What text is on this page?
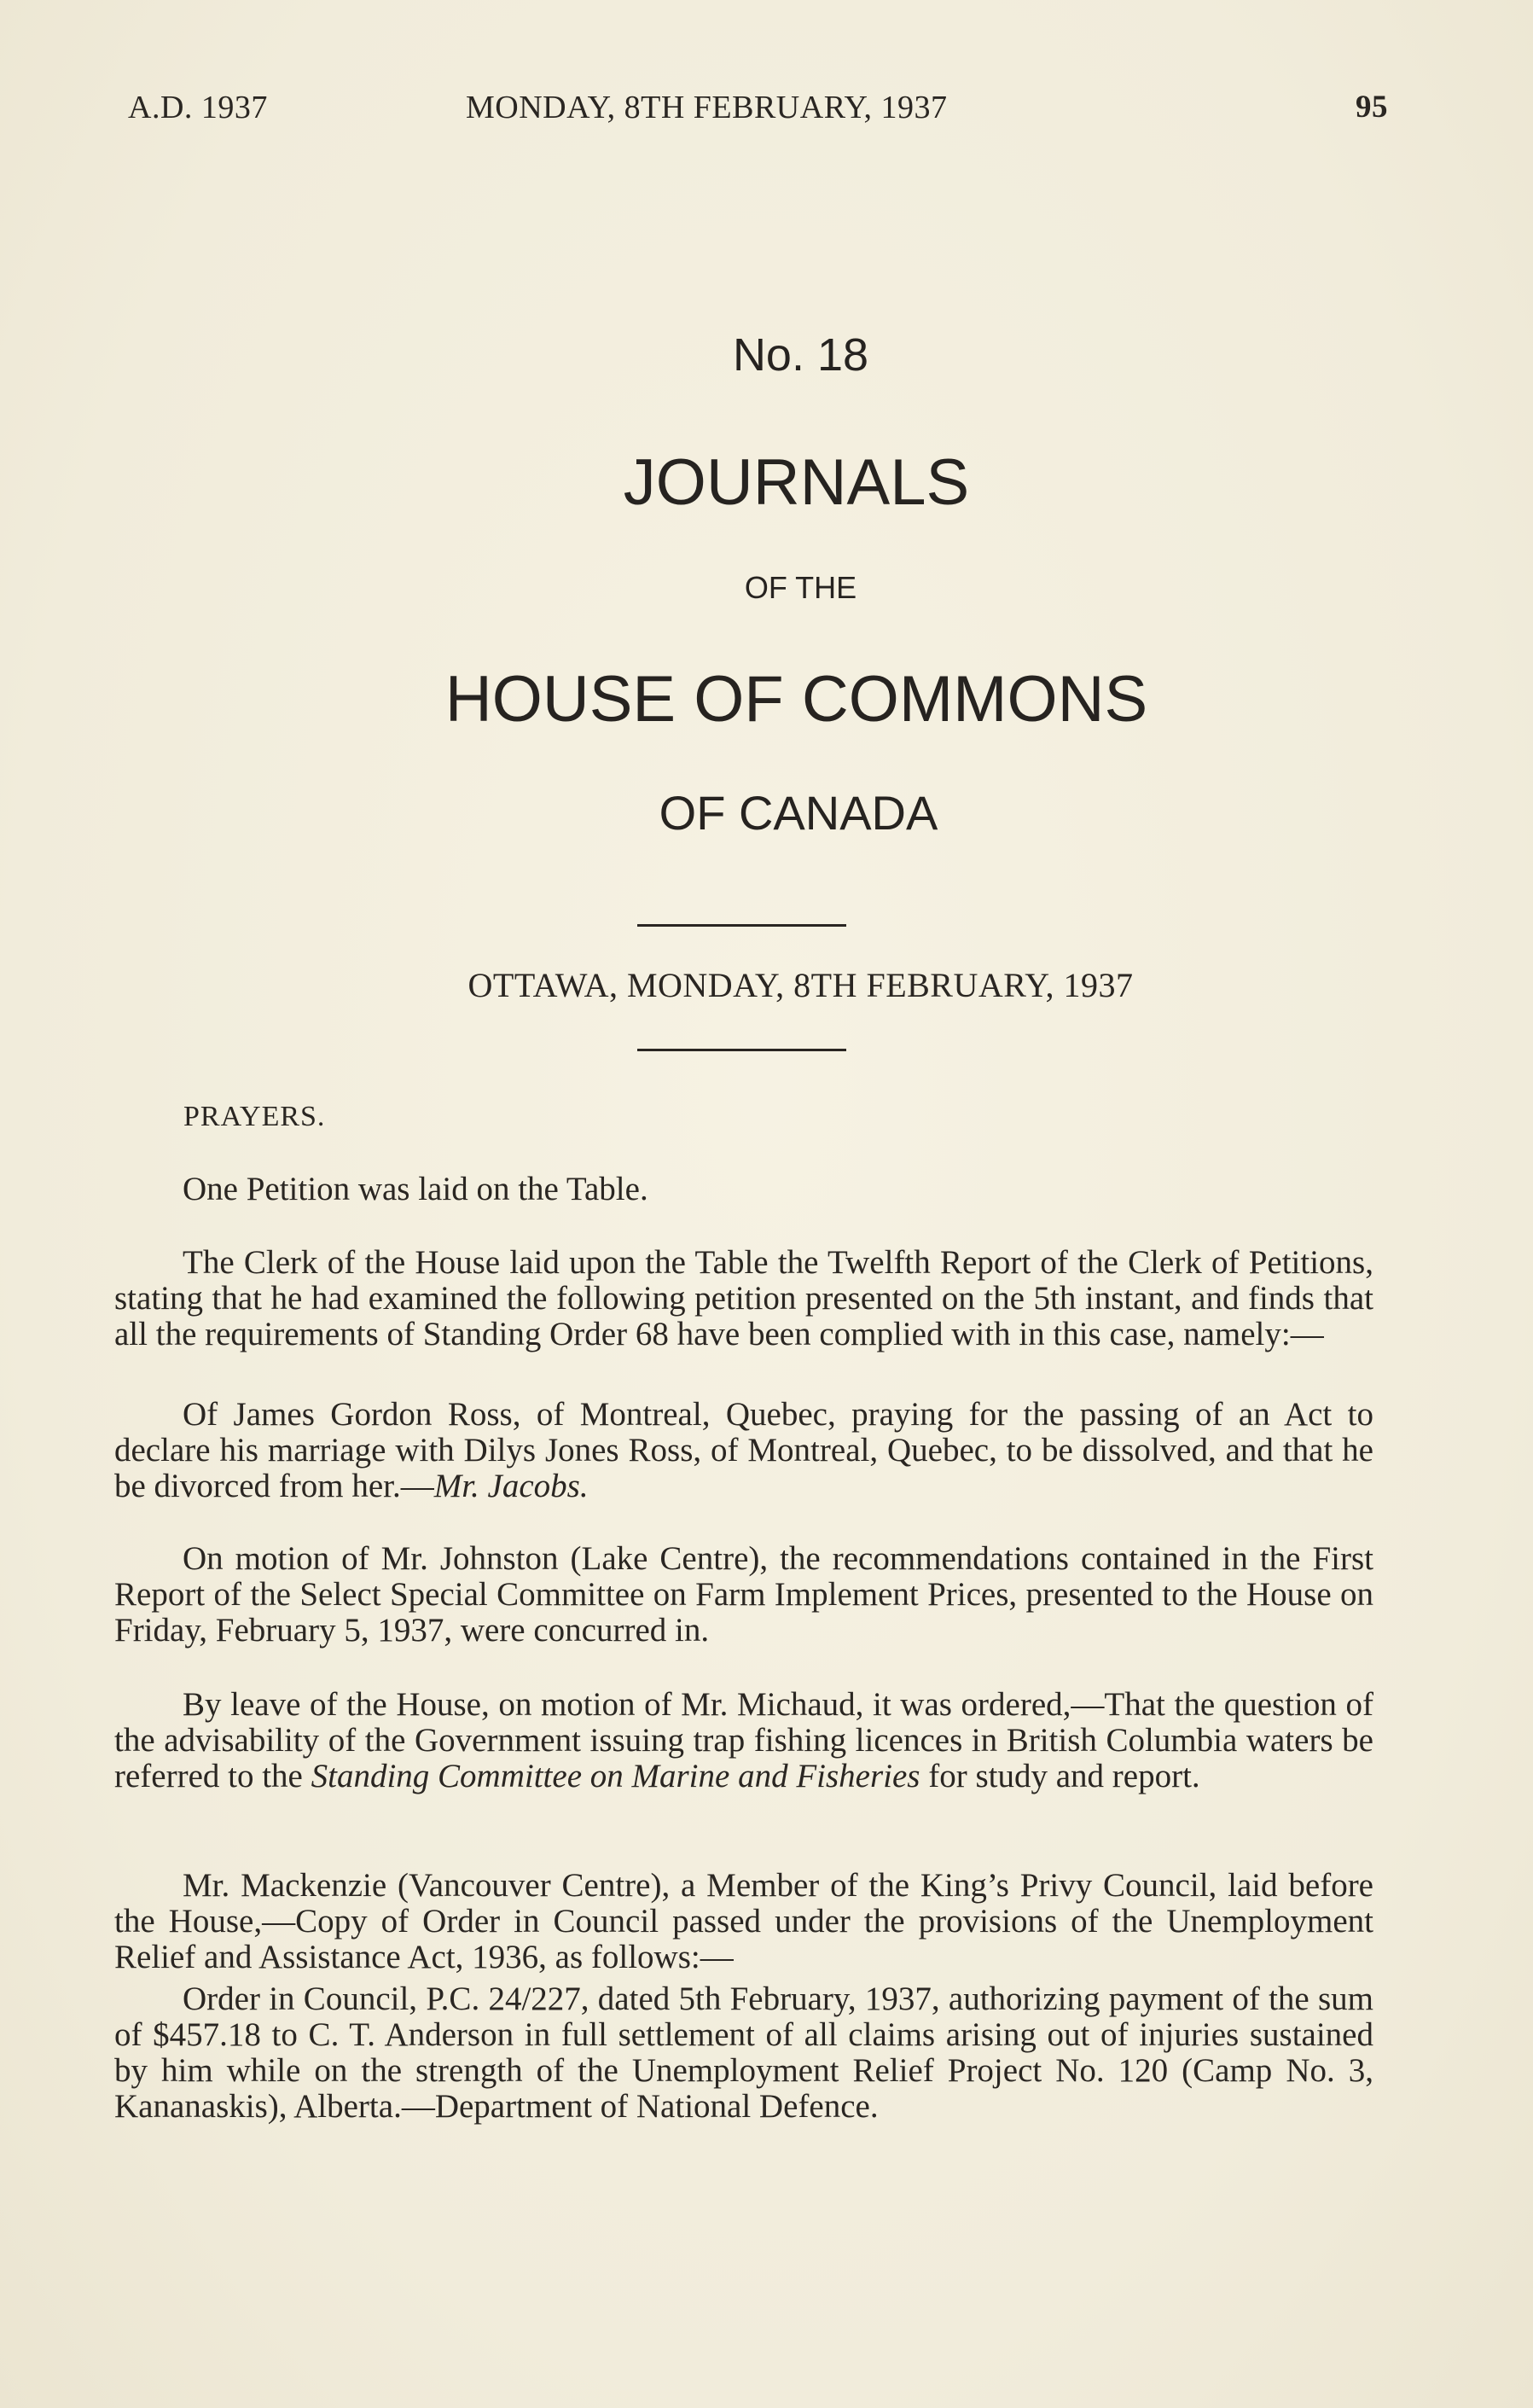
A.D. 1937	MONDAY, 8TH FEBRUARY, 1937	95
No. 18
JOURNALS
OF THE
HOUSE OF COMMONS
OF CANADA
OTTAWA, MONDAY, 8TH FEBRUARY, 1937
PRAYERS.
One Petition was laid on the Table.
The Clerk of the House laid upon the Table the Twelfth Report of the Clerk of Petitions, stating that he had examined the following petition presented on the 5th instant, and finds that all the requirements of Standing Order 68 have been complied with in this case, namely:—
Of James Gordon Ross, of Montreal, Quebec, praying for the passing of an Act to declare his marriage with Dilys Jones Ross, of Montreal, Quebec, to be dissolved, and that he be divorced from her.—Mr. Jacobs.
On motion of Mr. Johnston (Lake Centre), the recommendations contained in the First Report of the Select Special Committee on Farm Implement Prices, presented to the House on Friday, February 5, 1937, were concurred in.
By leave of the House, on motion of Mr. Michaud, it was ordered,—That the question of the advisability of the Government issuing trap fishing licences in British Columbia waters be referred to the Standing Committee on Marine and Fisheries for study and report.
Mr. Mackenzie (Vancouver Centre), a Member of the King’s Privy Council, laid before the House,—Copy of Order in Council passed under the provisions of the Unemployment Relief and Assistance Act, 1936, as follows:—
Order in Council, P.C. 24/227, dated 5th February, 1937, authorizing payment of the sum of $457.18 to C. T. Anderson in full settlement of all claims arising out of injuries sustained by him while on the strength of the Unemployment Relief Project No. 120 (Camp No. 3, Kananaskis), Alberta.—Department of National Defence.
